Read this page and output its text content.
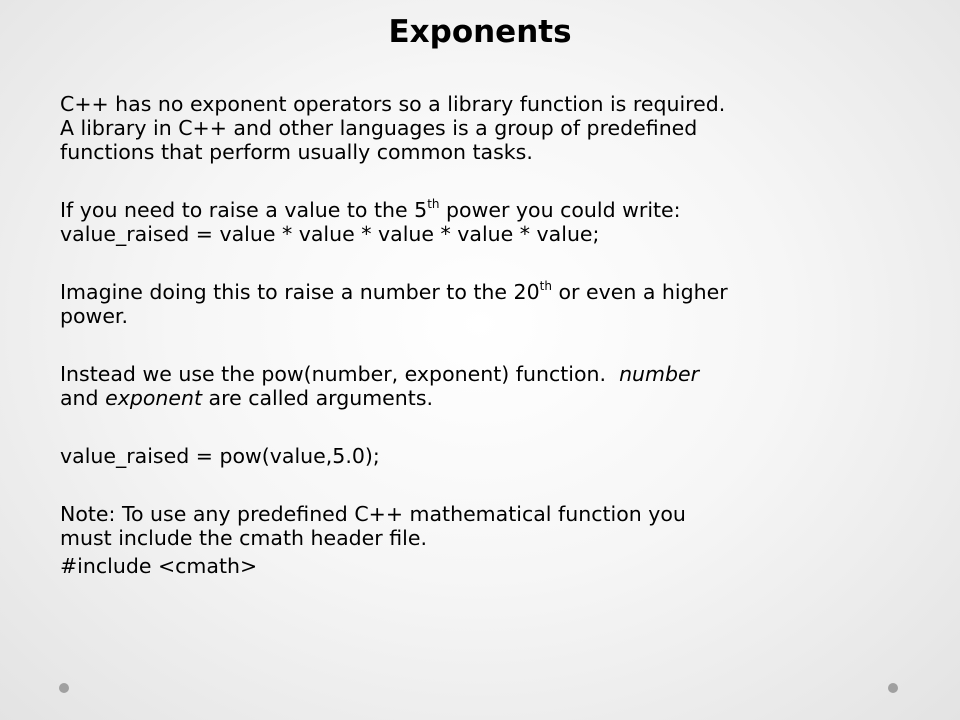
Exponents

C++ has no exponent operators so a library function is required.
A library in C++ and other languages is a group of predefined
functions that perform usually common tasks.

If you need to raise a value to the 5th power you could write:
value_raised = value * value * value * value * value;

Imagine doing this to raise a number to the 20th or even a higher
power.

Instead we use the pow(number, exponent) function.  number
and exponent are called arguments.

value_raised = pow(value,5.0);

Note: To use any predefined C++ mathematical function you
must include the cmath header file.
#include <cmath>
